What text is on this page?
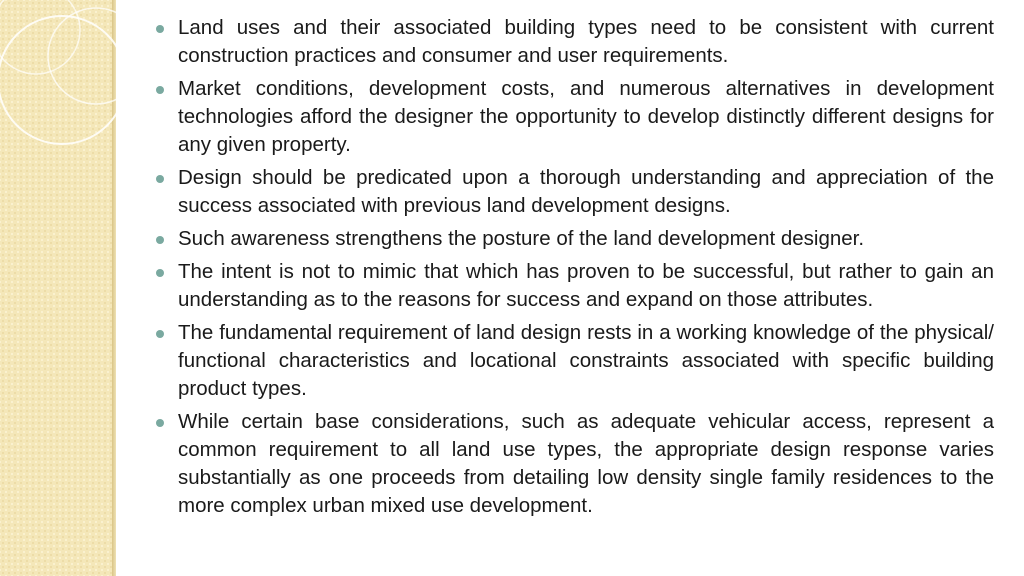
Land uses and their associated building types need to be consistent with current construction practices and consumer and user requirements.
Market conditions, development costs, and numerous alternatives in development technologies afford the designer the opportunity to develop distinctly different designs for any given property.
Design should be predicated upon a thorough understanding and appreciation of the success associated with previous land development designs.
Such awareness strengthens the posture of the land development designer.
The intent is not to mimic that which has proven to be successful, but rather to gain an understanding as to the reasons for success and expand on those attributes.
The fundamental requirement of land design rests in a working knowledge of the physical/ functional characteristics and locational constraints associated with specific building product types.
While certain base considerations, such as adequate vehicular access, represent a common requirement to all land use types, the appropriate design response varies substantially as one proceeds from detailing low density single family residences to the more complex urban mixed use development.
